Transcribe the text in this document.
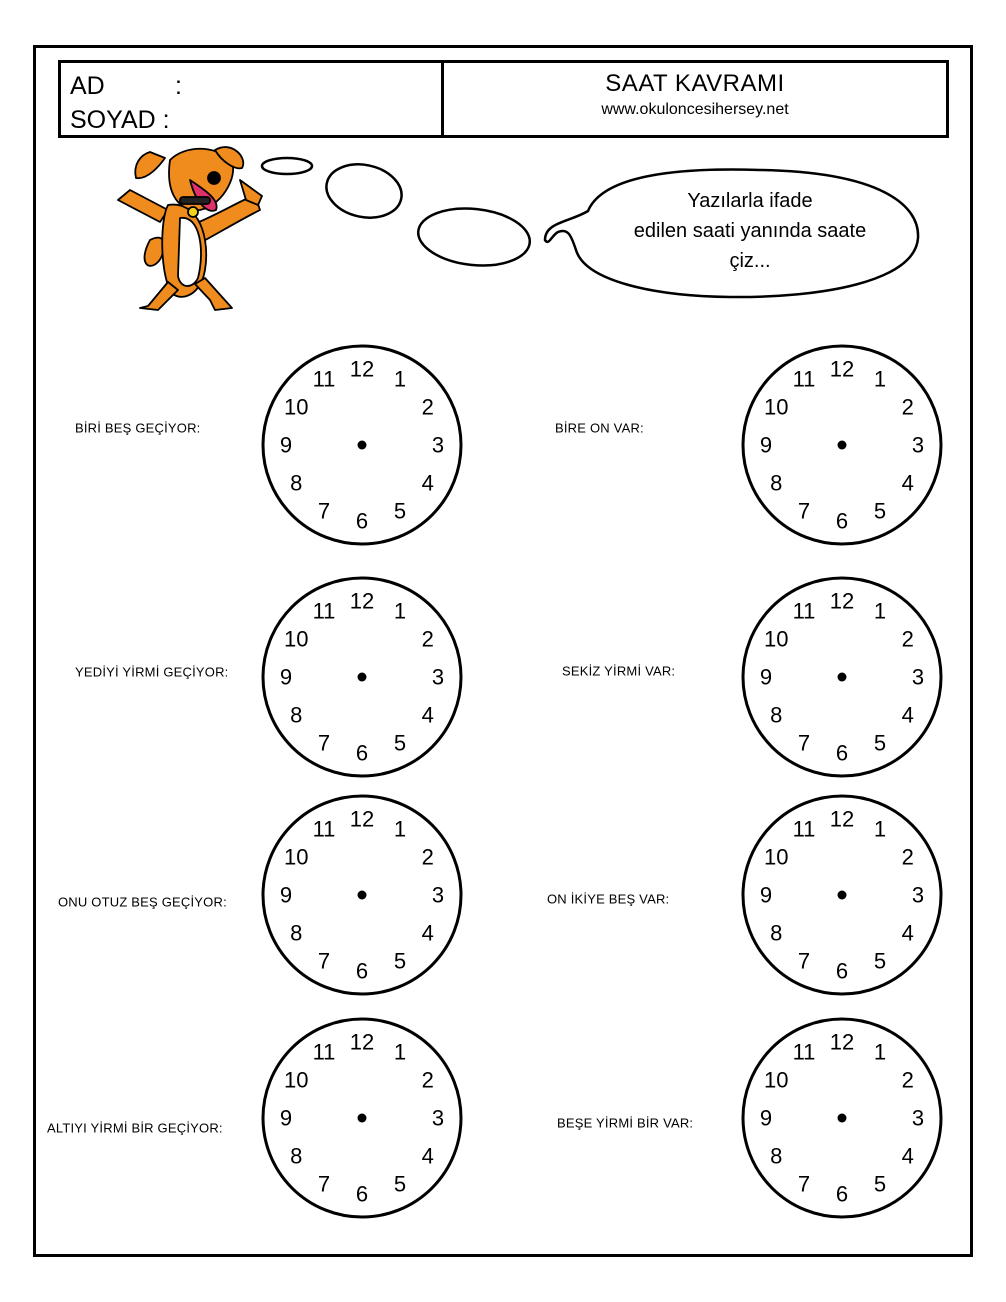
AD	:
SOYAD :
SAAT KAVRAMI
www.okuloncesihersey.net
12 1
2
3
4
5
6
7
8
9
10
11	12 1
2
3
4
5
6
7
8
9
10
11
12 1
2
3
4
5
6
7
8
9
10
11	12 1
2
3
4
5
6
7
8
9
10
11
12 1
2
3
4
5
6
7
8
9
10
11	12 1
2
3
4
5
6
7
8
9
10
11
12 1
2
3
4
5
6
7
8
9
10
11	12 1
2
3
4
5
6
7
8
9
10
11
Yazılarla ifade
edilen saati yanında saate
çiz...
BİRİ BEŞ GEÇİYOR:	BİRE ON VAR:
YEDİYİ YİRMİ GEÇİYOR:	SEKİZ YİRMİ VAR:
ONU OTUZ BEŞ GEÇİYOR:	ON İKİYE BEŞ VAR:
ALTIYI YİRMİ BİR GEÇİYOR:	BEŞE YİRMİ BİR VAR:
